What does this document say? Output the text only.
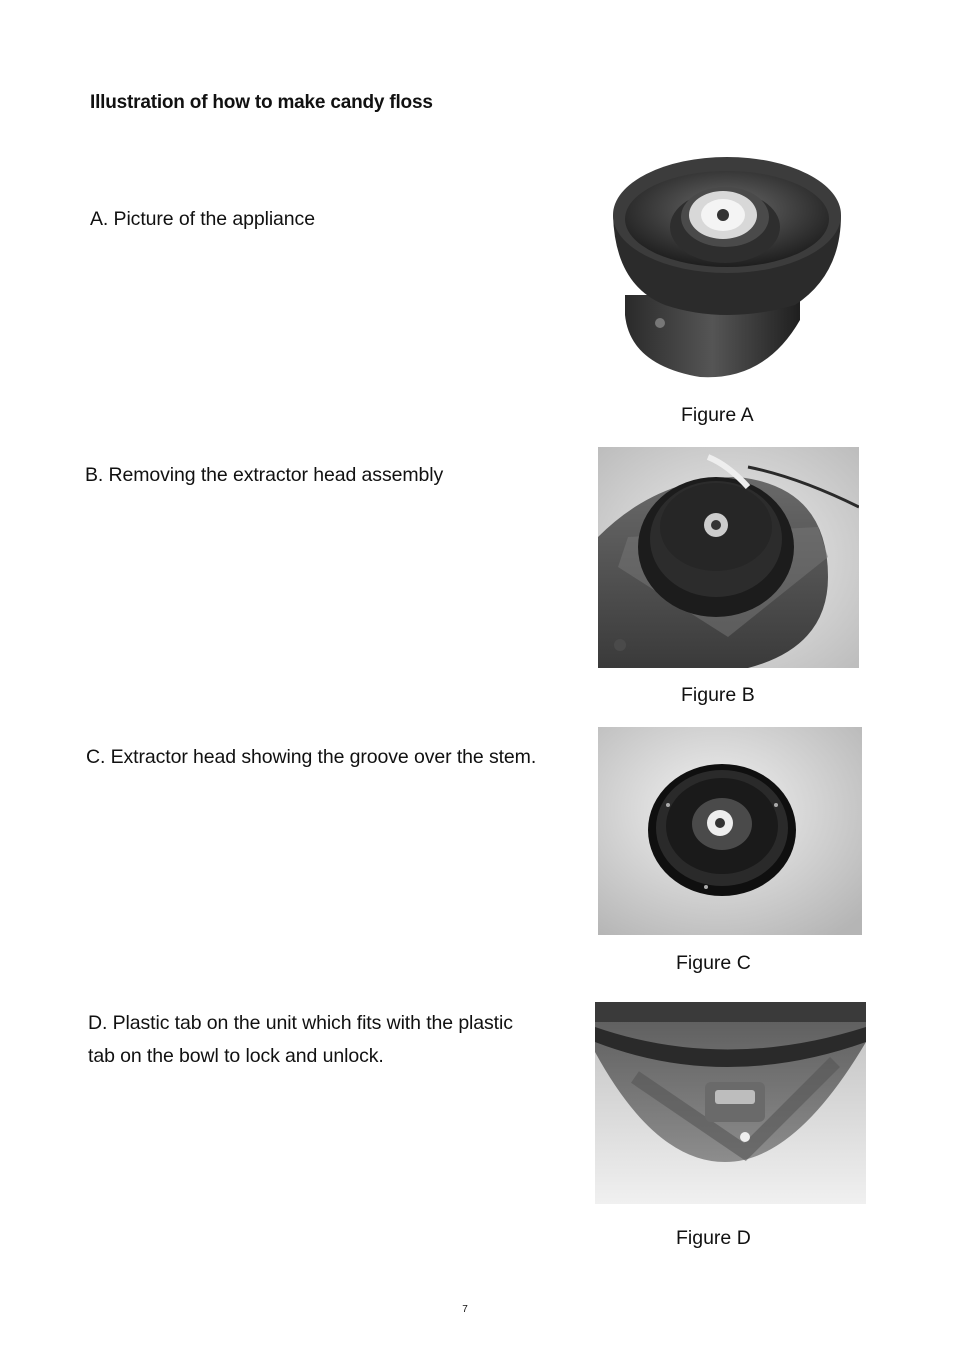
Illustration of how to make candy floss

A. Picture of the appliance

Figure A

B. Removing the extractor head assembly

Figure B

C. Extractor head showing the groove over the stem.

Figure C

D. Plastic tab on the unit which fits with the plastic

tab on the bowl to lock and unlock.

Figure D

7
